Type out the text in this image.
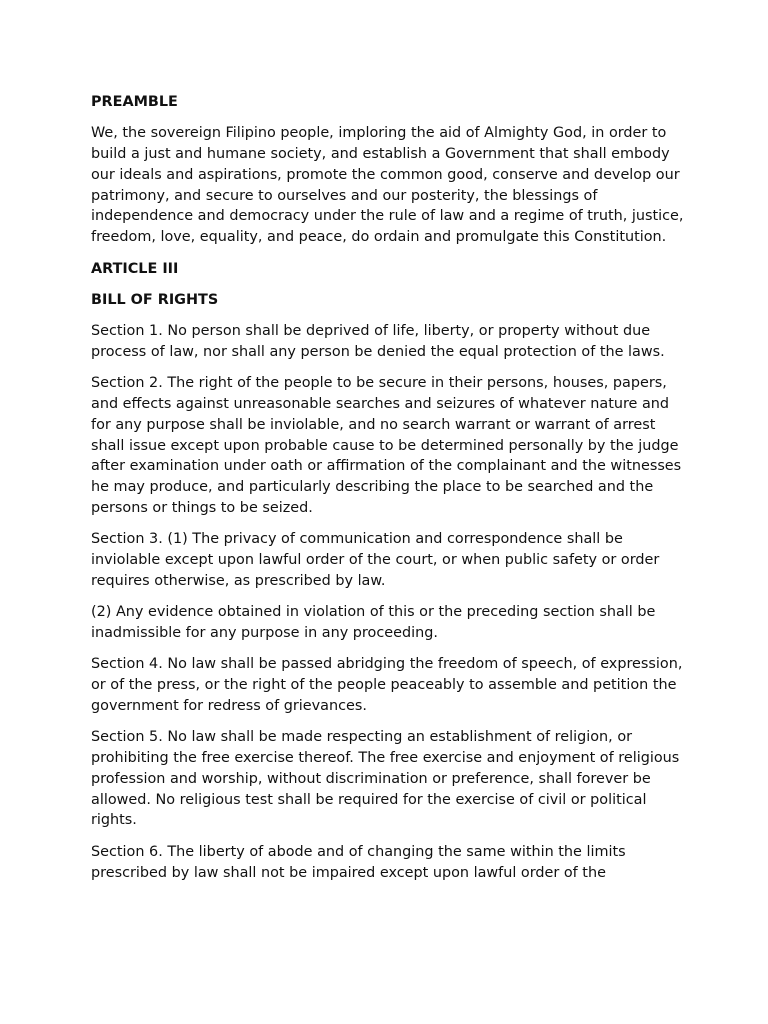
PREAMBLE
We, the sovereign Filipino people, imploring the aid of Almighty God, in order to build a just and humane society, and establish a Government that shall embody our ideals and aspirations, promote the common good, conserve and develop our patrimony, and secure to ourselves and our posterity, the blessings of independence and democracy under the rule of law and a regime of truth, justice, freedom, love, equality, and peace, do ordain and promulgate this Constitution.
ARTICLE III
BILL OF RIGHTS
Section 1. No person shall be deprived of life, liberty, or property without due process of law, nor shall any person be denied the equal protection of the laws.
Section 2. The right of the people to be secure in their persons, houses, papers, and effects against unreasonable searches and seizures of whatever nature and for any purpose shall be inviolable, and no search warrant or warrant of arrest shall issue except upon probable cause to be determined personally by the judge after examination under oath or affirmation of the complainant and the witnesses he may produce, and particularly describing the place to be searched and the persons or things to be seized.
Section 3. (1) The privacy of communication and correspondence shall be inviolable except upon lawful order of the court, or when public safety or order requires otherwise, as prescribed by law.
(2) Any evidence obtained in violation of this or the preceding section shall be inadmissible for any purpose in any proceeding.
Section 4. No law shall be passed abridging the freedom of speech, of expression, or of the press, or the right of the people peaceably to assemble and petition the government for redress of grievances.
Section 5. No law shall be made respecting an establishment of religion, or prohibiting the free exercise thereof. The free exercise and enjoyment of religious profession and worship, without discrimination or preference, shall forever be allowed. No religious test shall be required for the exercise of civil or political rights.
Section 6. The liberty of abode and of changing the same within the limits prescribed by law shall not be impaired except upon lawful order of the
